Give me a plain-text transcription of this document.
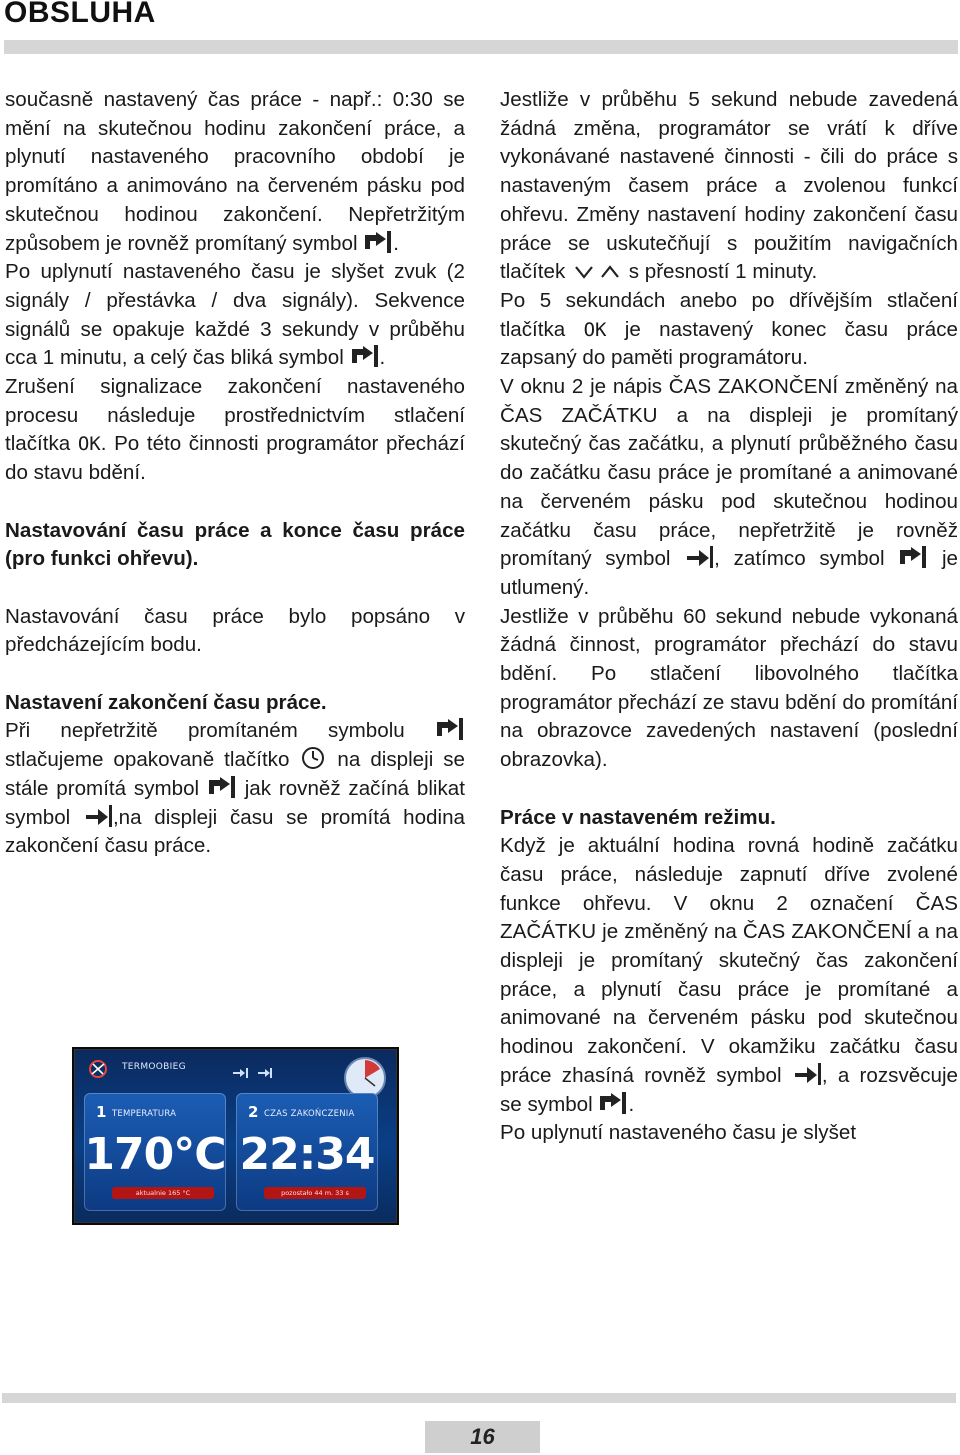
OBSLUHA

současně nastavený čas práce - např.: 0:30 se mění na skutečnou hodinu zakončení práce, a plynutí nastaveného pracovního období je promítáno a animováno na červeném pásku pod skutečnou hodinou zakončení. Nepřetržitým způsobem je rovněž promítaný symbol .

Po uplynutí nastaveného času je slyšet zvuk (2 signály / přestávka / dva signály). Sekvence signálů se opakuje každé 3 sekundy v průběhu cca 1 minutu, a celý čas bliká symbol .

Zrušení signalizace zakončení nastaveného procesu následuje prostřednictvím stlačení tlačítka OK. Po této činnosti programátor přechází do stavu bdění.

Nastavování času práce a konce času práce (pro funkci ohřevu).

Nastavování času práce bylo popsáno v předcházejícím bodu.

Nastavení zakončení času práce.

Při nepřetržitě promítaném symbolu
stlačujeme opakovaně tlačítko na displeji se stále promítá symbol jak rovněž začíná blikat symbol ,na displeji času se promítá hodina zakončení času práce.

Jestliže v průběhu 5 sekund nebude zavedená žádná změna, programátor se vrátí k dříve vykonávané nastavené činnosti - čili do práce s nastaveným časem práce a zvolenou funkcí ohřevu. Změny nastavení hodiny zakončení času práce se uskutečňují s použitím navigačních tlačítek	s přesností 1 minuty.

Po 5 sekundách anebo po dřívějším stlačení tlačítka OK je nastavený konec času práce zapsaný do paměti programátoru.

V oknu 2 je nápis ČAS ZAKONČENÍ změněný na ČAS ZAČÁTKU a na displeji je promítaný skutečný čas začátku, a plynutí průběžného času do začátku času práce je promítané a animované na červeném pásku pod skutečnou hodinou začátku času práce, nepřetržitě je rovněž promítaný symbol , zatímco symbol	je utlumený.

Jestliže v průběhu 60 sekund nebude vykonaná žádná činnost, programátor přechází do stavu bdění. Po stlačení libovolného tlačítka programátor přechází ze stavu bdění do promítání na obrazovce zavedených nastavení (poslední obrazovka).

Práce v nastaveném režimu.

Když je aktuální hodina rovná hodině začátku času práce, následuje zapnutí dříve zvolené funkce ohřevu. V oknu 2 označení ČAS ZAČÁTKU je změněný na ČAS ZAKONČENÍ a na displeji je promítaný skutečný čas zakončení práce, a plynutí času práce je promítané a animované na červeném pásku pod skutečnou hodinou zakončení. V okamžiku začátku času práce zhasíná rovněž symbol , a rozsvěcuje se symbol .

Po uplynutí nastaveného času je slyšet

TERMOOBIEG
1 TEMPERATURA
170°C
aktualnie 165 °C
2 CZAS ZAKOŃCZENIA
22:34
pozostało 44 m. 33 s
16
